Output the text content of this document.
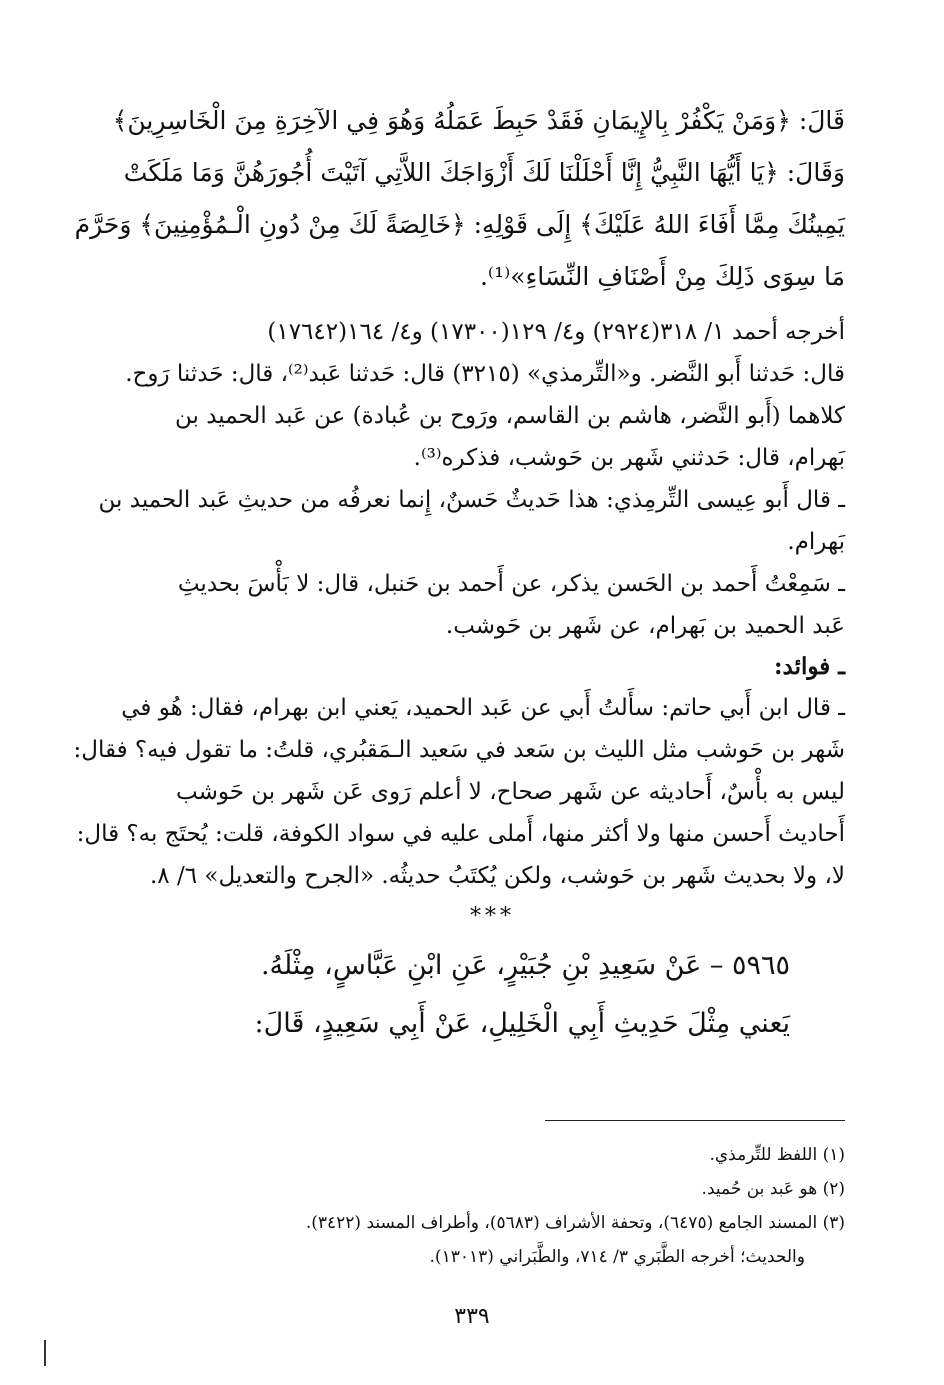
قَالَ: ﴿وَمَنْ يَكْفُرْ بِالإِيمَانِ فَقَدْ حَبِطَ عَمَلُهُ وَهُوَ فِي الآخِرَةِ مِنَ الْخَاسِرِينَ﴾
وَقَالَ: ﴿يَا أَيُّهَا النَّبِيُّ إِنَّا أَحْلَلْنَا لَكَ أَزْوَاجَكَ اللاَّتِي آتَيْتَ أُجُورَهُنَّ وَمَا مَلَكَتْ
يَمِينُكَ مِمَّا أَفَاءَ اللهُ عَلَيْكَ﴾ إِلَى قَوْلِهِ: ﴿خَالِصَةً لَكَ مِنْ دُونِ الْـمُؤْمِنِينَ﴾ وَحَرَّمَ
مَا سِوَى ذَلِكَ مِنْ أَصْنَافِ النِّسَاءِ»⁽¹⁾.
أخرجه أحمد ١/ ٣١٨(٢٩٢٤) و٤/ ١٢٩(١٧٣٠٠) و٤/ ١٦٤(١٧٦٤٢)
قال: حَدثنا أَبو النَّضر. و«التِّرمذي» (٣٢١٥) قال: حَدثنا عَبد⁽²⁾، قال: حَدثنا رَوح.
كلاهما (أَبو النَّضر، هاشم بن القاسم، ورَوح بن عُبادة) عن عَبد الحميد بن
بَهرام، قال: حَدثني شَهر بن حَوشب، فذكره⁽³⁾.
ـ قال أَبو عِيسى التِّرمِذي: هذا حَديثٌ حَسنٌ، إِنما نعرفُه من حديثِ عَبد الحميد بن
بَهرام.
ـ سَمِعْتُ أَحمد بن الحَسن يذكر، عن أَحمد بن حَنبل، قال: لا بَأْسَ بحديثِ
عَبد الحميد بن بَهرام، عن شَهر بن حَوشب.
ـ فوائد:
ـ قال ابن أَبي حاتم: سأَلتُ أَبي عن عَبد الحميد، يَعني ابن بهرام، فقال: هُو في
شَهر بن حَوشب مثل الليث بن سَعد في سَعيد الـمَقبُري، قلتُ: ما تقول فيه؟ فقال:
ليس به بأْسٌ، أَحاديثه عن شَهر صحاح، لا أعلم رَوى عَن شَهر بن حَوشب
أَحاديث أَحسن منها ولا أكثر منها، أَملى عليه في سواد الكوفة، قلت: يُحتَج به؟ قال:
لا، ولا بحديث شَهر بن حَوشب، ولكن يُكتَبُ حديثُه. «الجرح والتعديل» ٦/ ٨.
***
٥٩٦٥ – عَنْ سَعِيدِ بْنِ جُبَيْرٍ، عَنِ ابْنِ عَبَّاسٍ، مِثْلَهُ.
يَعني مِثْلَ حَدِيثِ أَبِي الْخَلِيلِ، عَنْ أَبِي سَعِيدٍ، قَالَ:
(١) اللفظ للتِّرمذي.
(٢) هو عَبد بن حُميد.
(٣) المسند الجامع (٦٤٧٥)، وتحفة الأشراف (٥٦٨٣)، وأطراف المسند (٣٤٢٢).
والحديث؛ أخرجه الطَّبَري ٣/ ٧١٤، والطَّبَراني (١٣٠١٣).
٣٣٩
